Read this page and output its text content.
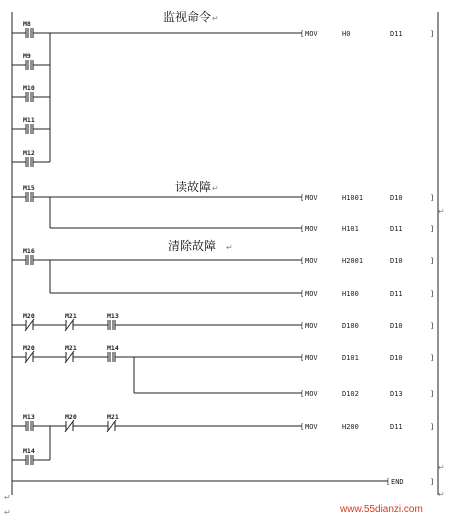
监视命令 ↵
读故障 ↵
清除故障 ↵
M8
M9
M10
M11
M12
[ MOV	H0	D11	]
M15
[ MOV	H1001	D10	]
[ MOV	H101	D11	]
M16
[ MOV	H2001	D10	]
[ MOV	H100	D11	]
M20	M21	M13
[ MOV	D100	D10	]
M20	M21	M14
[ MOV	D101	D10	]
[ MOV	D102	D13	]
M13	M20	M21
M14
[ MOV	H200	D11	]
[ END	]
↵
↵
↵
↵
↵	www.55dianzi.com
